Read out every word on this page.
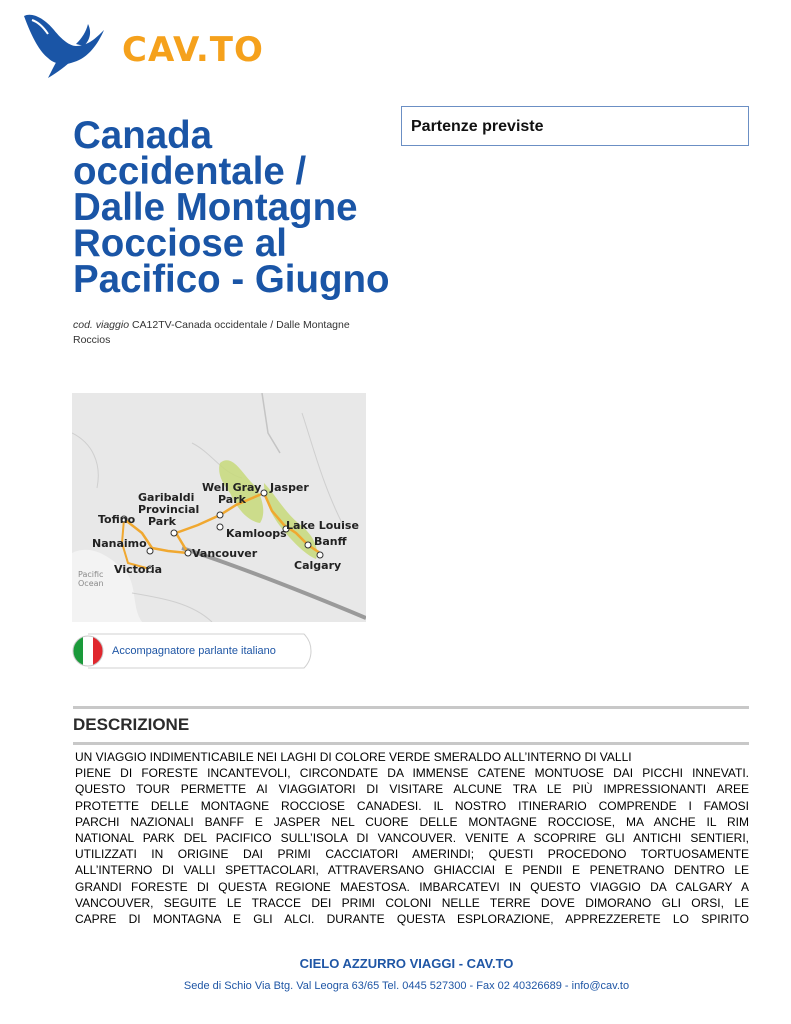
CAV.TO
Canada
occidentale /
Dalle Montagne
Rocciose al
Pacifico - Giugno
cod. viaggio CA12TV-Canada occidentale / Dalle Montagne Roccios
Garibaldi
Provincial
Park
Well Gray
Park
Jasper
Tofino
Nanaimo
Victoria
Vancouver
Kamloops
Lake Louise
Banff
Calgary
Pacific
Ocean
Accompagnatore parlante italiano
Partenze previste
DESCRIZIONE
UN VIAGGIO INDIMENTICABILE NEI LAGHI DI COLORE VERDE SMERALDO ALL’INTERNO DI VALLI
PIENE DI FORESTE INCANTEVOLI, CIRCONDATE DA IMMENSE CATENE MONTUOSE DAI PICCHI INNEVATI.
QUESTO TOUR PERMETTE AI VIAGGIATORI DI VISITARE ALCUNE TRA LE PIÙ IMPRESSIONANTI AREE
PROTETTE DELLE MONTAGNE ROCCIOSE CANADESI. IL NOSTRO ITINERARIO COMPRENDE I FAMOSI
PARCHI NAZIONALI BANFF E JASPER NEL CUORE DELLE MONTAGNE ROCCIOSE, MA ANCHE IL RIM
NATIONAL PARK DEL PACIFICO SULL’ISOLA DI VANCOUVER. VENITE A SCOPRIRE GLI ANTICHI SENTIERI,
UTILIZZATI IN ORIGINE DAI PRIMI CACCIATORI AMERINDI; QUESTI PROCEDONO TORTUOSAMENTE
ALL’INTERNO DI VALLI SPETTACOLARI, ATTRAVERSANO GHIACCIAI E PENDII E PENETRANO DENTRO LE
GRANDI FORESTE DI QUESTA REGIONE MAESTOSA. IMBARCATEVI IN QUESTO VIAGGIO DA CALGARY A
VANCOUVER, SEGUITE LE TRACCE DEI PRIMI COLONI NELLE TERRE DOVE DIMORANO GLI ORSI, LE
CAPRE DI MONTAGNA E GLI ALCI. DURANTE QUESTA ESPLORAZIONE, APPREZZERETE LO SPIRITO
CIELO AZZURRO VIAGGI - CAV.TO
Sede di Schio Via Btg. Val Leogra 63/65 Tel. 0445 527300 - Fax 02 40326689 - info@cav.to
